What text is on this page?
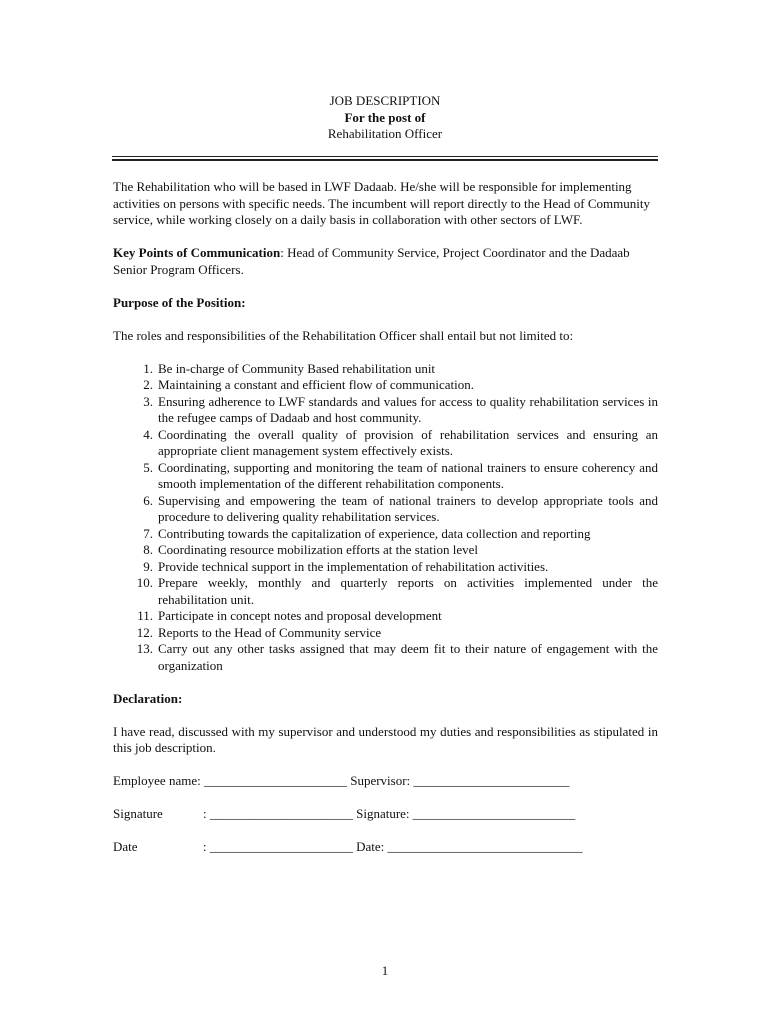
JOB DESCRIPTION
For the post of
Rehabilitation Officer

The Rehabilitation who will be based in LWF Dadaab. He/she will be responsible for implementing activities on persons with specific needs. The incumbent will report directly to the Head of Community service, while working closely on a daily basis in collaboration with other sectors of LWF.

Key Points of Communication: Head of Community Service, Project Coordinator and the Dadaab Senior Program Officers.

Purpose of the Position:

The roles and responsibilities of the Rehabilitation Officer shall entail but not limited to:

1. Be in-charge of Community Based rehabilitation unit
2. Maintaining a constant and efficient flow of communication.
3. Ensuring adherence to LWF standards and values for access to quality rehabilitation services in the refugee camps of Dadaab and host community.
4. Coordinating the overall quality of provision of rehabilitation services and ensuring an appropriate client management system effectively exists.
5. Coordinating, supporting and monitoring the team of national trainers to ensure coherency and smooth implementation of the different rehabilitation components.
6. Supervising and empowering the team of national trainers to develop appropriate tools and procedure to delivering quality rehabilitation services.
7. Contributing towards the capitalization of experience, data collection and reporting
8. Coordinating resource mobilization efforts at the station level
9. Provide technical support in the implementation of rehabilitation activities.
10. Prepare weekly, monthly and quarterly reports on activities implemented under the rehabilitation unit.
11. Participate in concept notes and proposal development
12. Reports to the Head of Community service
13. Carry out any other tasks assigned that may deem fit to their nature of engagement with the organization

Declaration:

I have read, discussed with my supervisor and understood my duties and responsibilities as stipulated in this job description.

Employee name: ______________________ Supervisor: ________________________
Signature	: ______________________ Signature: _________________________
Date	: ______________________ Date: ______________________________
1
